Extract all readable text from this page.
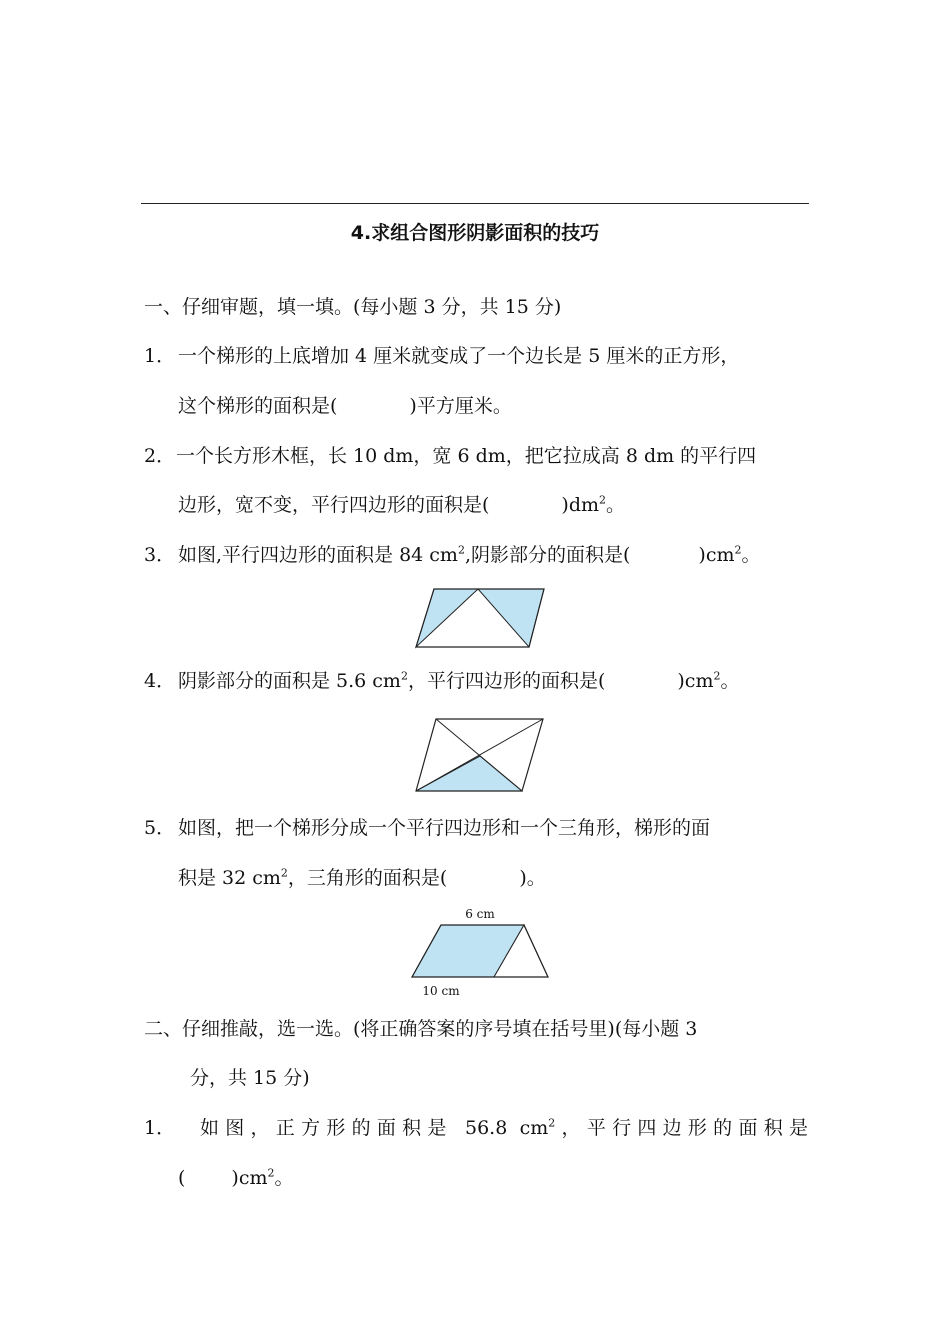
4.求组合图形阴影面积的技巧
一、仔细审题，填一填。(每小题 3 分，共 15 分)
1． 一个梯形的上底增加 4 厘米就变成了一个边长是 5 厘米的正方形，
这个梯形的面积是(	)平方厘米。
2． 一个长方形木框，长 10 dm，宽 6 dm，把它拉成高 8 dm 的平行四
边形，宽不变，平行四边形的面积是(	)$dm^2$。
3． 如图,平行四边形的面积是 84 $cm^2$,阴影部分的面积是(	)$cm^2$。
4． 阴影部分的面积是 5.6 $cm^2$，平行四边形的面积是(	)$cm^2$。
5． 如图，把一个梯形分成一个平行四边形和一个三角形，梯形的面
积是 32 $cm^2$，三角形的面积是(	)。
6 cm
10 cm
二、仔细推敲，选一选。(将正确答案的序号填在括号里)(每小题 3
分，共 15 分)
1． 如图，正方形的面积是 56.8 $cm^2$，平行四边形的面积是
( )$cm^2$。
